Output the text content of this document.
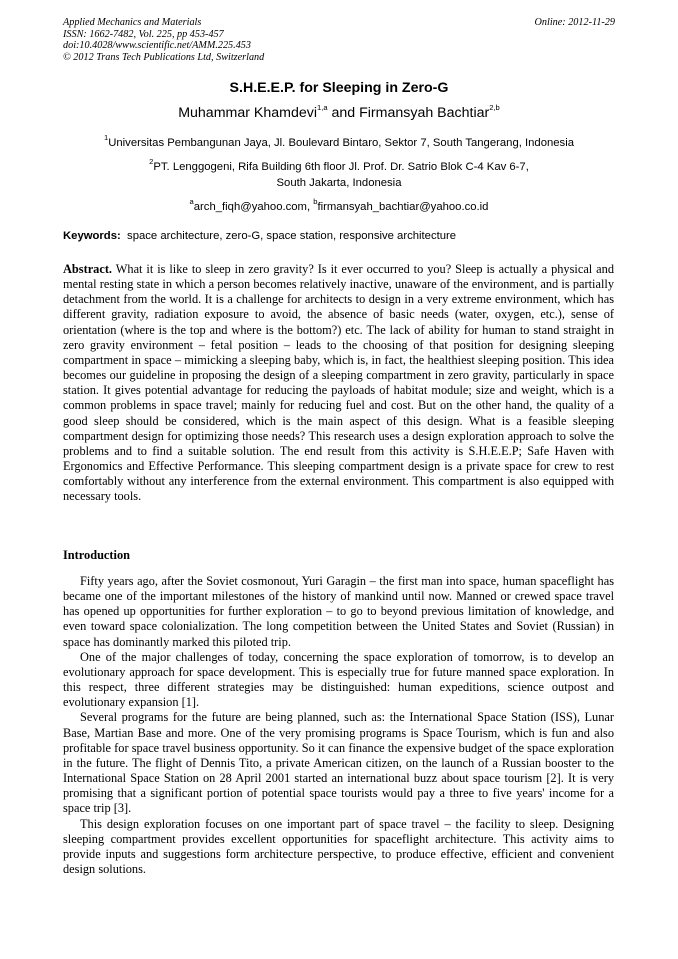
Applied Mechanics and Materials
ISSN: 1662-7482, Vol. 225, pp 453-457
doi:10.4028/www.scientific.net/AMM.225.453
© 2012 Trans Tech Publications Ltd, Switzerland
Online: 2012-11-29
S.H.E.E.P. for Sleeping in Zero-G
Muhammar Khamdevi$^{1,a}$ and Firmansyah Bachtiar$^{2,b}$
$^1$Universitas Pembangunan Jaya, Jl. Boulevard Bintaro, Sektor 7, South Tangerang, Indonesia
$^2$PT. Lenggogeni, Rifa Building 6th floor Jl. Prof. Dr. Satrio Blok C-4 Kav 6-7,
South Jakarta, Indonesia
$^a$arch_fiqh@yahoo.com, $^b$firmansyah_bachtiar@yahoo.co.id
Keywords: space architecture, zero-G, space station, responsive architecture

Abstract. What it is like to sleep in zero gravity? Is it ever occurred to you? Sleep is actually a physical and mental resting state in which a person becomes relatively inactive, unaware of the environment, and is partially detachment from the world. It is a challenge for architects to design in a very extreme environment, which has different gravity, radiation exposure to avoid, the absence of basic needs (water, oxygen, etc.), sense of orientation (where is the top and where is the bottom?) etc. The lack of ability for human to stand straight in zero gravity environment – fetal position – leads to the choosing of that position for designing sleeping compartment in space – mimicking a sleeping baby, which is, in fact, the healthiest sleeping position. This idea becomes our guideline in proposing the design of a sleeping compartment in zero gravity, particularly in space station. It gives potential advantage for reducing the payloads of habitat module; size and weight, which is a common problems in space travel; mainly for reducing fuel and cost. But on the other hand, the quality of a good sleep should be considered, which is the main aspect of this design. What is a feasible sleeping compartment design for optimizing those needs? This research uses a design exploration approach to solve the problems and to find a suitable solution. The end result from this activity is S.H.E.E.P; Safe Haven with Ergonomics and Effective Performance. This sleeping compartment design is a private space for crew to rest comfortably without any interference from the external environment. This compartment is also equipped with necessary tools.

Introduction

Fifty years ago, after the Soviet cosmonout, Yuri Garagin – the first man into space, human spaceflight has became one of the important milestones of the history of mankind until now. Manned or crewed space travel has opened up opportunities for further exploration – to go to beyond previous limitation of knowledge, and even toward space colonialization. The long competition between the United States and Soviet (Russian) in space has dominantly marked this piloted trip.

One of the major challenges of today, concerning the space exploration of tomorrow, is to develop an evolutionary approach for space development. This is especially true for future manned space exploration. In this respect, three different strategies may be distinguished: human expeditions, science outpost and evolutionary expansion [1].

Several programs for the future are being planned, such as: the International Space Station (ISS), Lunar Base, Martian Base and more. One of the very promising programs is Space Tourism, which is fun and also profitable for space travel business opportunity. So it can finance the expensive budget of the space exploration in the future. The flight of Dennis Tito, a private American citizen, on the launch of a Russian booster to the International Space Station on 28 April 2001 started an international buzz about space tourism [2]. It is very promising that a significant portion of potential space tourists would pay a three to five years' income for a space trip [3].

This design exploration focuses on one important part of space travel – the facility to sleep. Designing sleeping compartment provides excellent opportunities for spaceflight architecture. This activity aims to provide inputs and suggestions form architecture perspective, to produce effective, efficient and convenient design solutions.
